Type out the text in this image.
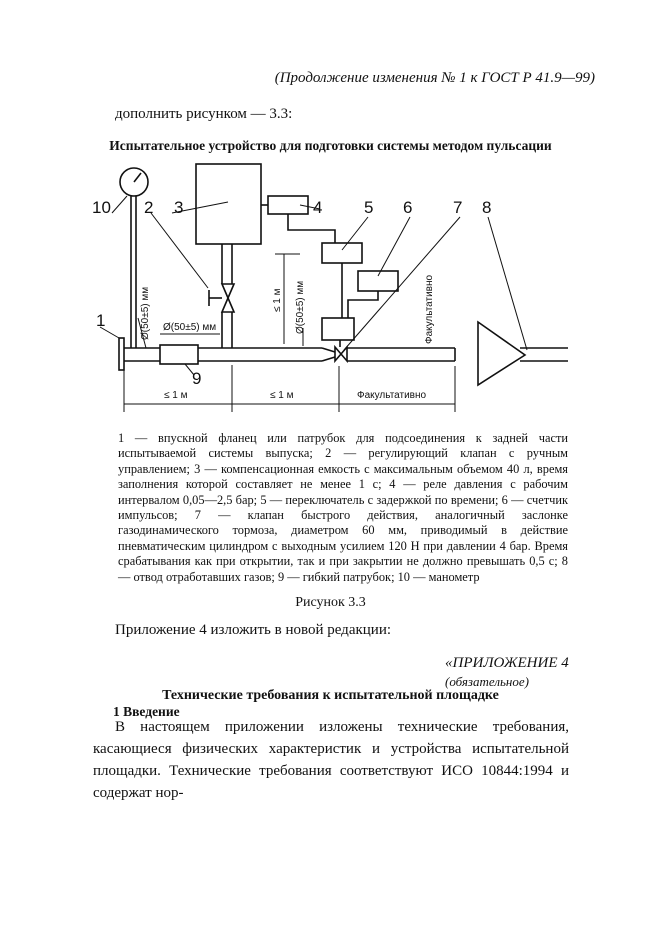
(Продолжение изменения № 1 к ГОСТ Р 41.9—99)
дополнить рисунком — 3.3:
Испытательное устройство для подготовки системы методом пульсации
10 2 3	4 5 6 7 8
1
9
Ø(50±5) мм Ø(50±5) мм	Ø(50±5) мм
≤ 1 м
≤ 1 м	≤ 1 м
Факультативно
Факультативно
1 — впускной фланец или патрубок для подсоединения к задней части испытываемой системы выпуска; 2 — регулирующий клапан с ручным управлением; 3 — компенсационная емкость с максимальным объемом 40 л, время заполнения которой составляет не менее 1 с; 4 — реле давления с рабочим интервалом 0,05—2,5 бар; 5 — переключатель с задержкой по времени; 6 — счетчик импульсов; 7 — клапан быстрого действия, аналогичный заслонке газодинамического тормоза, диаметром 60 мм, приводимый в действие пневматическим цилиндром с выходным усилием 120 Н при давлении 4 бар. Время срабатывания как при открытии, так и при закрытии не должно превышать 0,5 с; 8 — отвод отработавших газов; 9 — гибкий патрубок; 10 — манометр
Рисунок 3.3
Приложение 4 изложить в новой редакции:
«ПРИЛОЖЕНИЕ 4
(обязательное)
Технические требования к испытательной площадке
1 Введение

В настоящем приложении изложены технические требования, касающиеся физических характеристик и устройства испытательной площадки. Технические требования соответствуют ИСО 10844:1994 и содержат нор-
